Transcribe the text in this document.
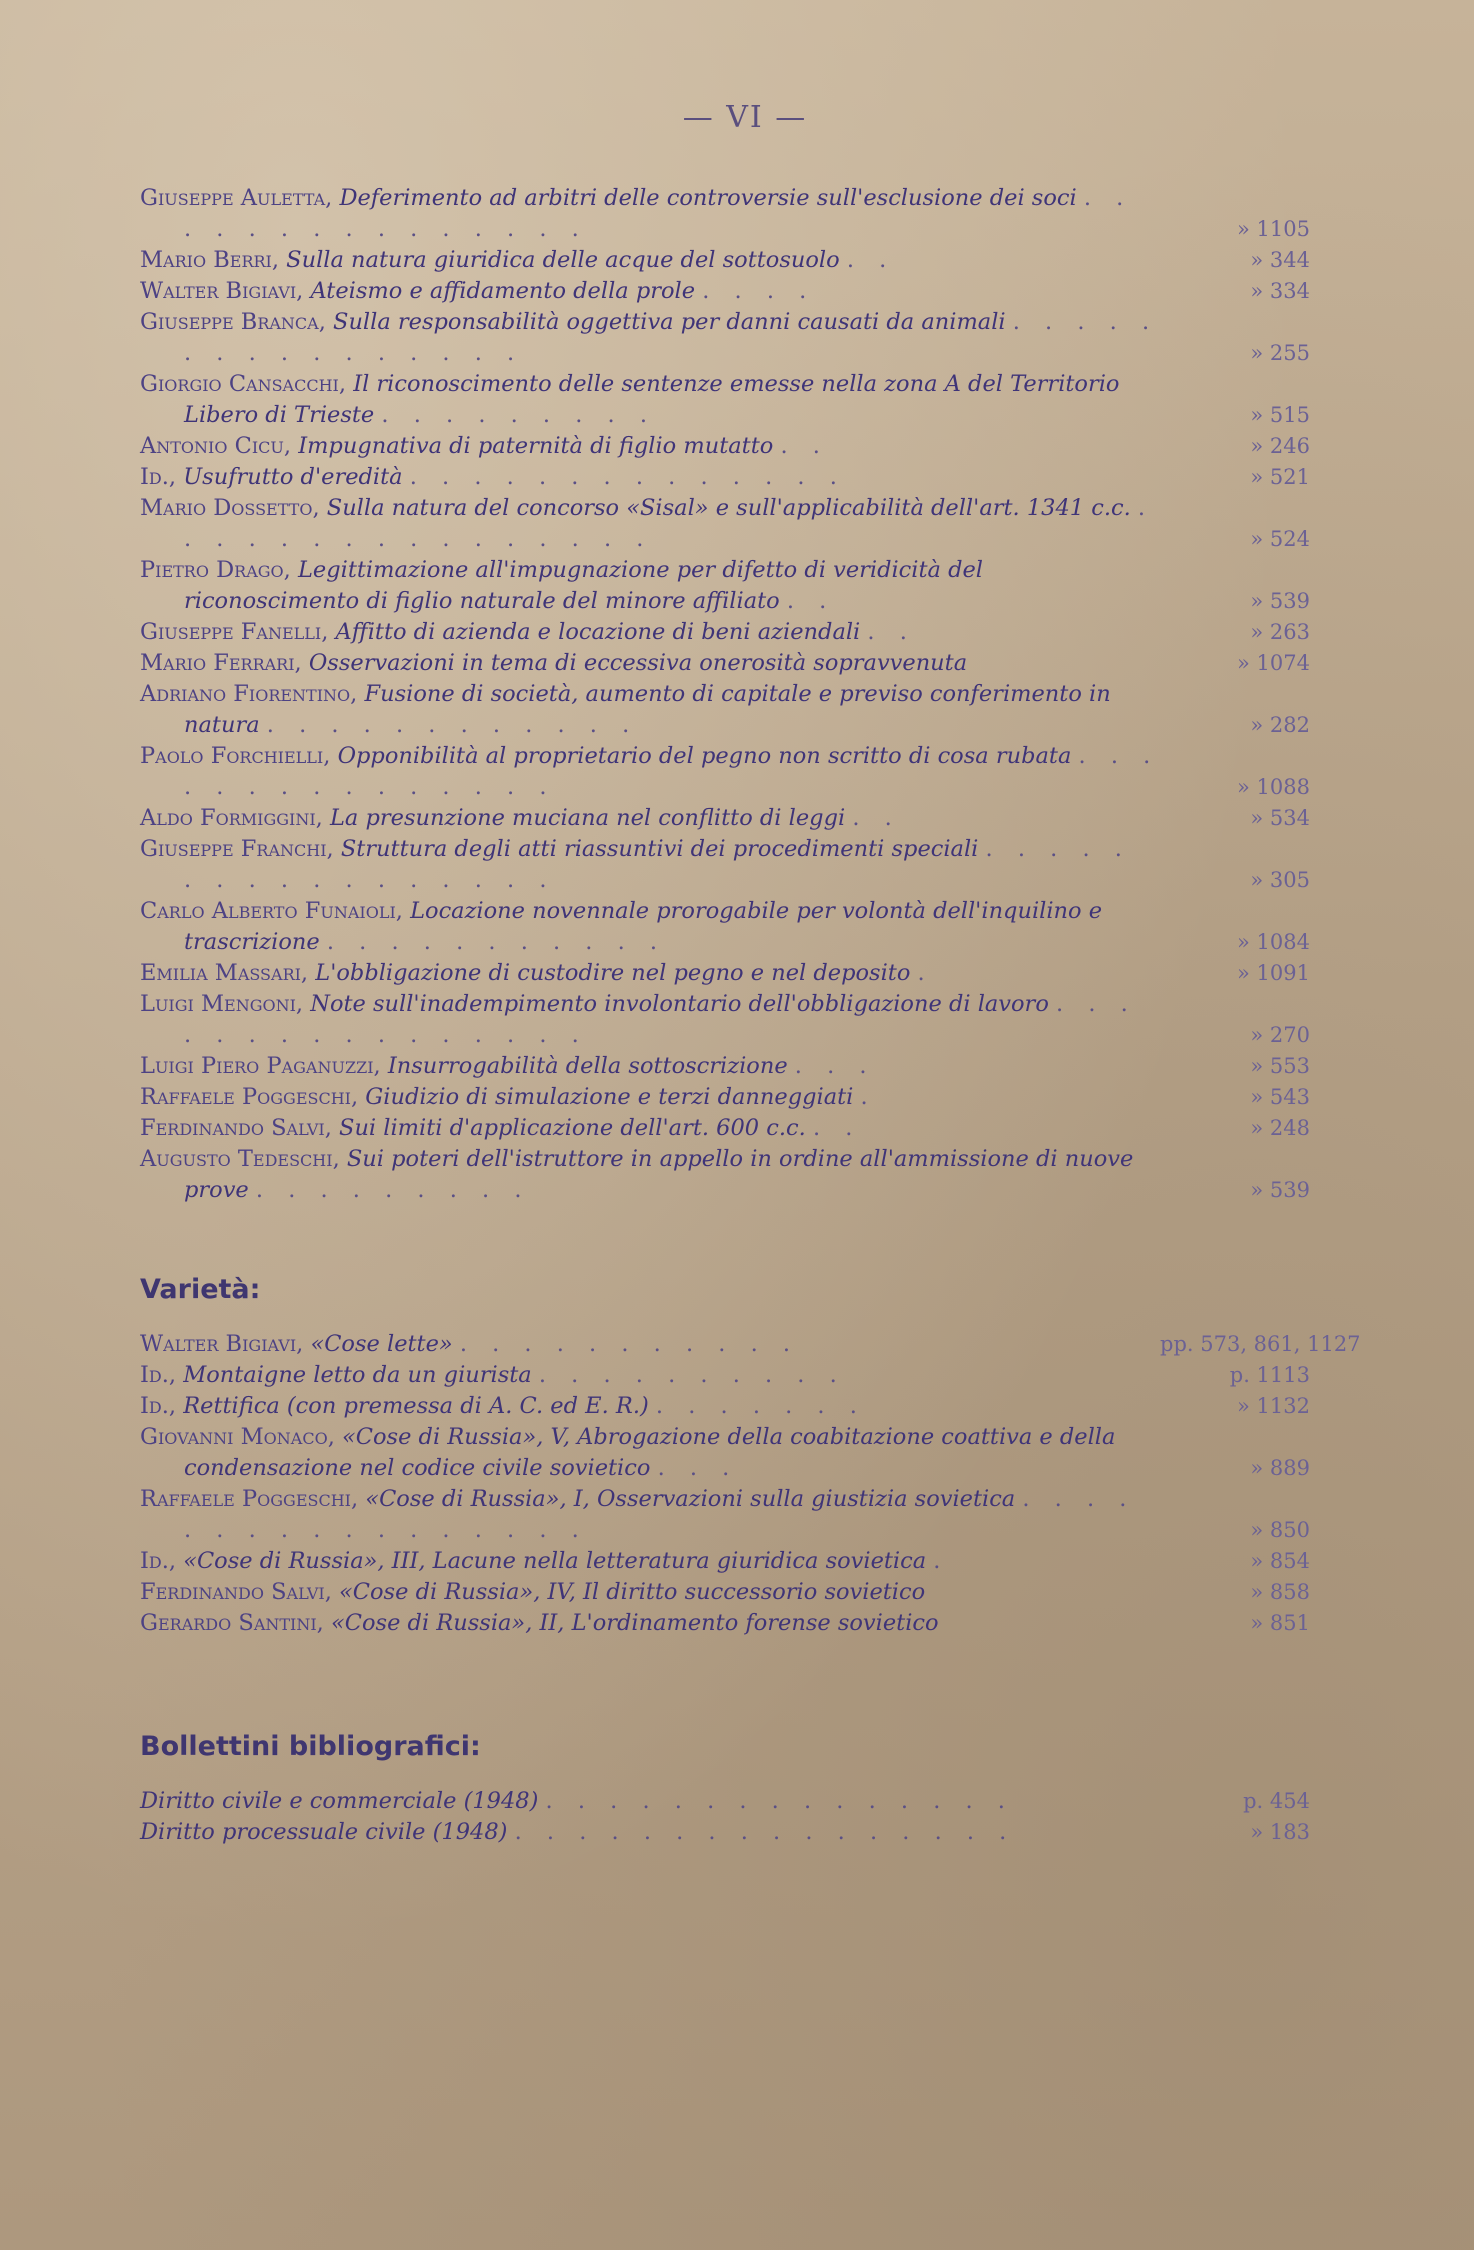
— VI —
Giuseppe Auletta, Deferimento ad arbitri delle controversie sull'esclusione dei soci . . . . . . . . . . . . . . .	» 1105
Mario Berri, Sulla natura giuridica delle acque del sottosuolo . .	» 344
Walter Bigiavi, Ateismo e affidamento della prole . . . .	» 334
Giuseppe Branca, Sulla responsabilità oggettiva per danni causati da animali . . . . . . . . . . . . . . . .	» 255
Giorgio Cansacchi, Il riconoscimento delle sentenze emesse nella zona A del Territorio Libero di Trieste . . . . . . . . .	» 515
Antonio Cicu, Impugnativa di paternità di figlio mutatto . .	» 246
Id., Usufrutto d'eredità . . . . . . . . . . . . . .	» 521
Mario Dossetto, Sulla natura del concorso «Sisal» e sull'applicabilità dell'art. 1341 c.c. . . . . . . . . . . . . . . . .	» 524
Pietro Drago, Legittimazione all'impugnazione per difetto di veridicità del riconoscimento di figlio naturale del minore affiliato . .	» 539
Giuseppe Fanelli, Affitto di azienda e locazione di beni aziendali . .	» 263
Mario Ferrari, Osservazioni in tema di eccessiva onerosità sopravvenuta	» 1074
Adriano Fiorentino, Fusione di società, aumento di capitale e previso conferimento in natura . . . . . . . . . . . .	» 282
Paolo Forchielli, Opponibilità al proprietario del pegno non scritto di cosa rubata . . . . . . . . . . . . . . .	» 1088
Aldo Formiggini, La presunzione muciana nel conflitto di leggi . .	» 534
Giuseppe Franchi, Struttura degli atti riassuntivi dei procedimenti speciali . . . . . . . . . . . . . . . . .	» 305
Carlo Alberto Funaioli, Locazione novennale prorogabile per volontà dell'inquilino e trascrizione . . . . . . . . . . .	» 1084
Emilia Massari, L'obbligazione di custodire nel pegno e nel deposito .	» 1091
Luigi Mengoni, Note sull'inadempimento involontario dell'obbligazione di lavoro . . . . . . . . . . . . . . . .	» 270
Luigi Piero Paganuzzi, Insurrogabilità della sottoscrizione . . .	» 553
Raffaele Poggeschi, Giudizio di simulazione e terzi danneggiati .	» 543
Ferdinando Salvi, Sui limiti d'applicazione dell'art. 600 c.c. . .	» 248
Augusto Tedeschi, Sui poteri dell'istruttore in appello in ordine all'ammissione di nuove prove . . . . . . . . .	» 539
Varietà:
Walter Bigiavi, «Cose lette» . . . . . . . . . . .	pp. 573, 861, 1127
Id., Montaigne letto da un giurista . . . . . . . . . .	p. 1113
Id., Rettifica (con premessa di A. C. ed E. R.) . . . . . . .	» 1132
Giovanni Monaco, «Cose di Russia», V, Abrogazione della coabitazione coattiva e della condensazione nel codice civile sovietico . . .	» 889
Raffaele Poggeschi, «Cose di Russia», I, Osservazioni sulla giustizia sovietica . . . . . . . . . . . . . . . . .	» 850
Id., «Cose di Russia», III, Lacune nella letteratura giuridica sovietica .	» 854
Ferdinando Salvi, «Cose di Russia», IV, Il diritto successorio sovietico	» 858
Gerardo Santini, «Cose di Russia», II, L'ordinamento forense sovietico	» 851
Bollettini bibliografici:
Diritto civile e commerciale (1948) . . . . . . . . . . . . . . .	p. 454
Diritto processuale civile (1948) . . . . . . . . . . . . . . . .	» 183
